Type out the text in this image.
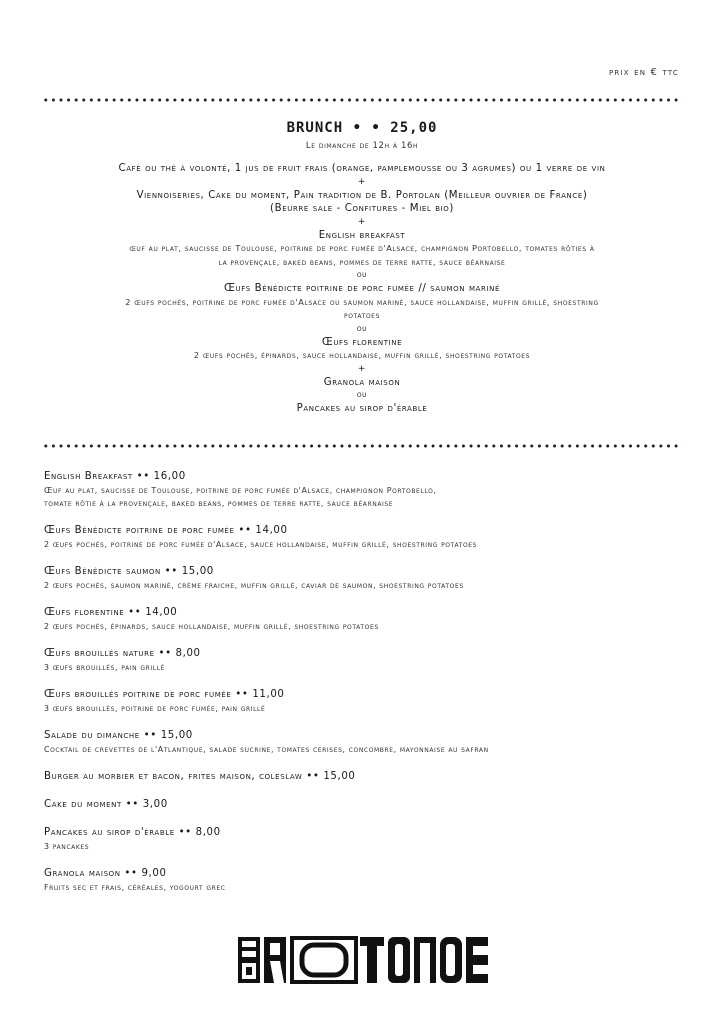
prix en € ttc
BRUNCH • • 25,00
Le dimanche de 12h à 16h
Café ou thé à volonté, 1 jus de fruit frais (orange, pamplemousse ou 3 agrumes) ou 1 verre de vin
+
Viennoiseries, Cake du moment, Pain tradition de B. Portolan (Meilleur ouvrier de France)
(Beurre sale - Confitures - Miel bio)
+
English breakfast
œuf au plat, saucisse de Toulouse, poitrine de porc fumée d'Alsace, champignon Portobello, tomates rôties à
la provençale, baked beans, pommes de terre ratte, sauce béarnaise
ou
Œufs Bénédicte poitrine de porc fumée // saumon mariné
2 œufs pochés, poitrine de porc fumée d'Alsace ou saumon mariné, sauce hollandaise, muffin grillé, shoestring
potatoes
ou
Œufs florentine
2 œufs pochés, épinards, sauce hollandaise, muffin grillé, shoestring potatoes
+
Granola maison
ou
Pancakes au sirop d'érable
English Breakfast •• 16,00
Œuf au plat, saucisse de Toulouse, poitrine de porc fumée d'Alsace, champignon Portobello,
tomate rôtie à la provençale, baked beans, pommes de terre ratte, sauce béarnaise
Œufs Bénédicte poitrine de porc fumée •• 14,00
2 œufs pochés, poitrine de porc fumée d'Alsace, sauce hollandaise, muffin grillé, shoestring potatoes
Œufs Bénédicte saumon •• 15,00
2 œufs pochés, saumon mariné, crème fraiche, muffin grillé, caviar de saumon, shoestring potatoes
Œufs florentine •• 14,00
2 œufs pochés, épinards, sauce hollandaise, muffin grillé, shoestring potatoes
Œufs brouillés nature •• 8,00
3 œufs brouillés, pain grillé
Œufs brouillés poitrine de porc fumée •• 11,00
3 œufs brouillés, poitrine de porc fumée, pain grillé
Salade du dimanche •• 15,00
Cocktail de crevettes de l'Atlantique, salade sucrine, tomates cerises, concombre, mayonnaise au safran
Burger au morbier et bacon, frites maison, coleslaw •• 15,00
Cake du moment •• 3,00
Pancakes au sirop d'érable •• 8,00
3 pancakes
Granola maison •• 9,00
Fruits sec et frais, céréales, yogourt grec
